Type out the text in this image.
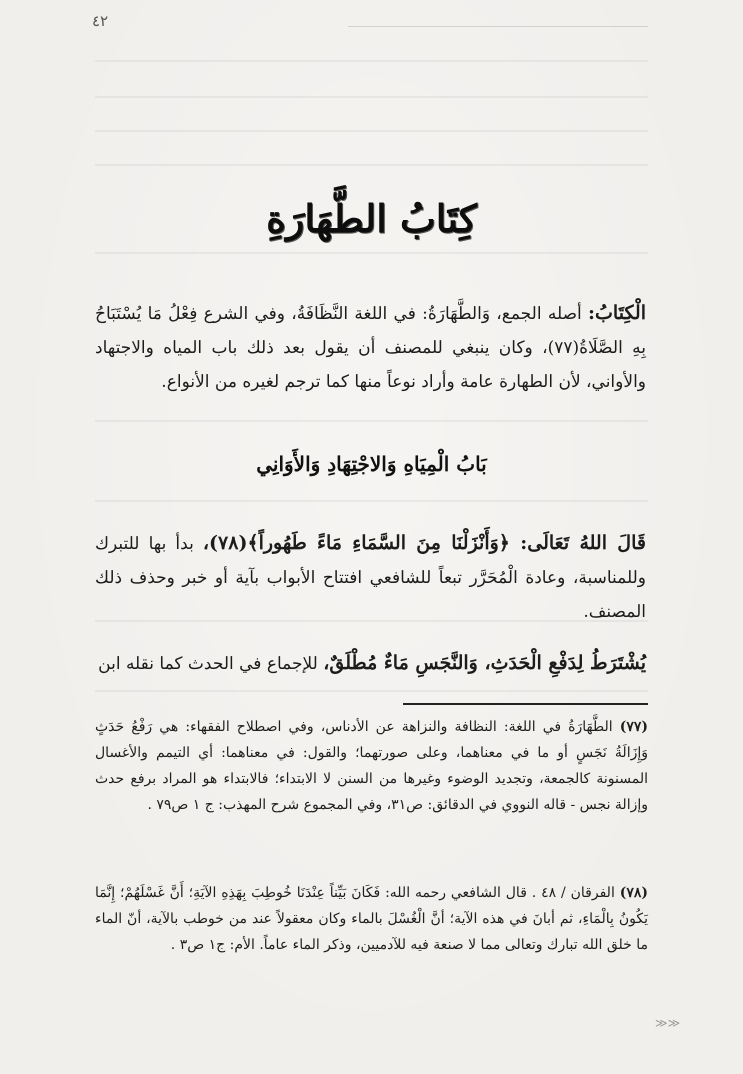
٤٢
كِتَابُ الطَّهَارَةِ
الْكِتَابُ: أصله الجمع، وَالطَّهَارَةُ: في اللغة النَّظَافَةُ، وفي الشرع فِعْلُ مَا يُسْتَبَاحُ بِهِ الصَّلَاةُ(٧٧)، وكان ينبغي للمصنف أن يقول بعد ذلك باب المياه والاجتهاد والأواني، لأن الطهارة عامة وأراد نوعاً منها كما ترجم لغيره من الأنواع.
بَابُ الْمِيَاهِ وَالاجْتِهَادِ وَالأَوَانِي
قَالَ اللهُ تَعَالَى: ﴿وَأَنْزَلْنَا مِنَ السَّمَاءِ مَاءً طَهُوراً﴾(٧٨)، بدأ بها للتبرك وللمناسبة، وعادة الْمُحَرَّر تبعاً للشافعي افتتاح الأبواب بآية أو خبر وحذف ذلك المصنف.
يُشْتَرَطُ لِدَفْعِ الْحَدَثِ، وَالنَّجَسِ مَاءٌ مُطْلَقٌ، للإجماع في الحدث كما نقله ابن
(٧٧) الطَّهَارَةُ في اللغة: النظافة والنزاهة عن الأدناس، وفي اصطلاح الفقهاء: هي رَفْعُ حَدَثٍ وَإِزَالَةُ نَجَسٍ أو ما في معناهما، وعلى صورتهما؛ والقول: في معناهما: أي التيمم والأغسال المسنونة كالجمعة، وتجديد الوضوء وغيرها من السنن لا الابتداء؛ فالابتداء هو المراد برفع حدث وإزالة نجس - قاله النووي في الدقائق: ص٣١، وفي المجموع شرح المهذب: ج ١ ص٧٩ .
(٧٨) الفرقان / ٤٨ . قال الشافعي رحمه الله: فَكَانَ بَيِّناً عِنْدَنَا خُوطِبَ بِهَذِهِ الآيَةِ؛ أَنَّ غَسْلَهُمْ؛ إِنَّمَا يَكُونُ بِالْمَاءِ، ثم أبانَ في هذه الآية؛ أنَّ الْغُسْلَ بالماء وكان معقولاً عند من خوطب بالآية، أنّ الماء ما خلق الله تبارك وتعالى مما لا صنعة فيه للآدميين، وذكر الماء عاماً. الأم: ج١ ص٣ .
≫≫
